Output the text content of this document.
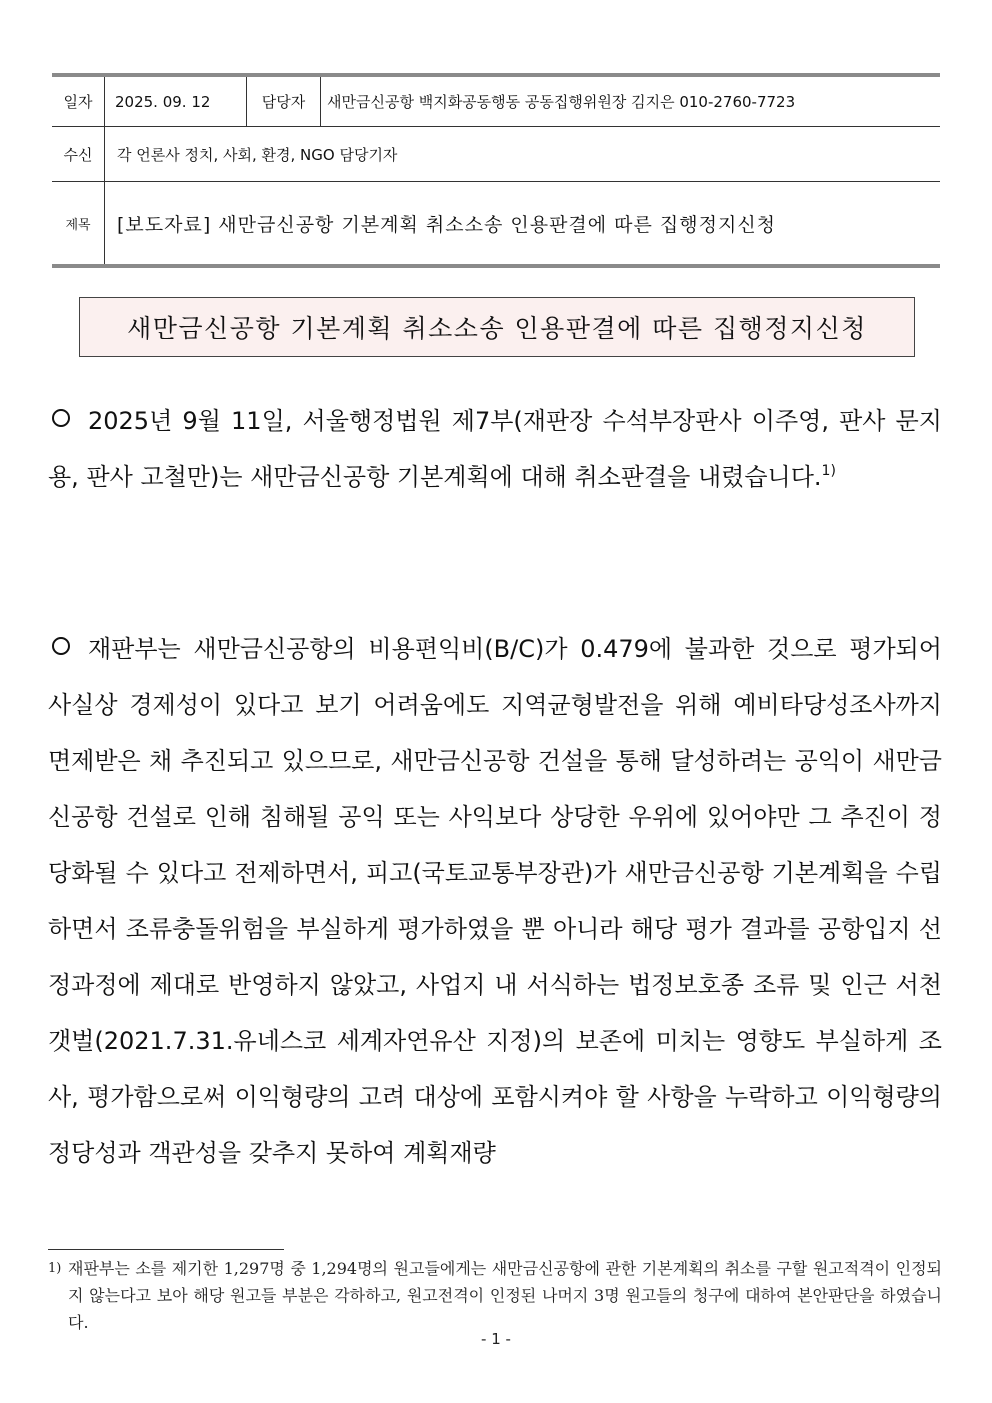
일자	2025. 09. 12	담당자	새만금신공항 백지화공동행동 공동집행위원장 김지은 010-2760-7723
수신	각 언론사 정치, 사회, 환경, NGO 담당기자
제목	[보도자료] 새만금신공항 기본계획 취소소송 인용판결에 따른 집행정지신청
새만금신공항 기본계획 취소소송 인용판결에 따른 집행정지신청
2025년 9월 11일, 서울행정법원 제7부(재판장 수석부장판사 이주영, 판사 문지용, 판사 고철만)는 새만금신공항 기본계획에 대해 취소판결을 내렸습니다.$^{1)}$
재판부는 새만금신공항의 비용편익비(B/C)가 0.479에 불과한 것으로 평가되어 사실상 경제성이 있다고 보기 어려움에도 지역균형발전을 위해 예비타당성조사까지 면제받은 채 추진되고 있으므로, 새만금신공항 건설을 통해 달성하려는 공익이 새만금신공항 건설로 인해 침해될 공익 또는 사익보다 상당한 우위에 있어야만 그 추진이 정당화될 수 있다고 전제하면서, 피고(국토교통부장관)가 새만금신공항 기본계획을 수립하면서 조류충돌위험을 부실하게 평가하였을 뿐 아니라 해당 평가 결과를 공항입지 선정과정에 제대로 반영하지 않았고, 사업지 내 서식하는 법정보호종 조류 및 인근 서천갯벌(2021.7.31.유네스코 세계자연유산 지정)의 보존에 미치는 영향도 부실하게 조사, 평가함으로써 이익형량의 고려 대상에 포함시켜야 할 사항을 누락하고 이익형량의 정당성과 객관성을 갖추지 못하여 계획재량
1) 재판부는 소를 제기한 1,297명 중 1,294명의 원고들에게는 새만금신공항에 관한 기본계획의 취소를 구할 원고적격이 인정되지 않는다고 보아 해당 원고들 부분은 각하하고, 원고전격이 인정된 나머지 3명 원고들의 청구에 대하여 본안판단을 하였습니다.
- 1 -
